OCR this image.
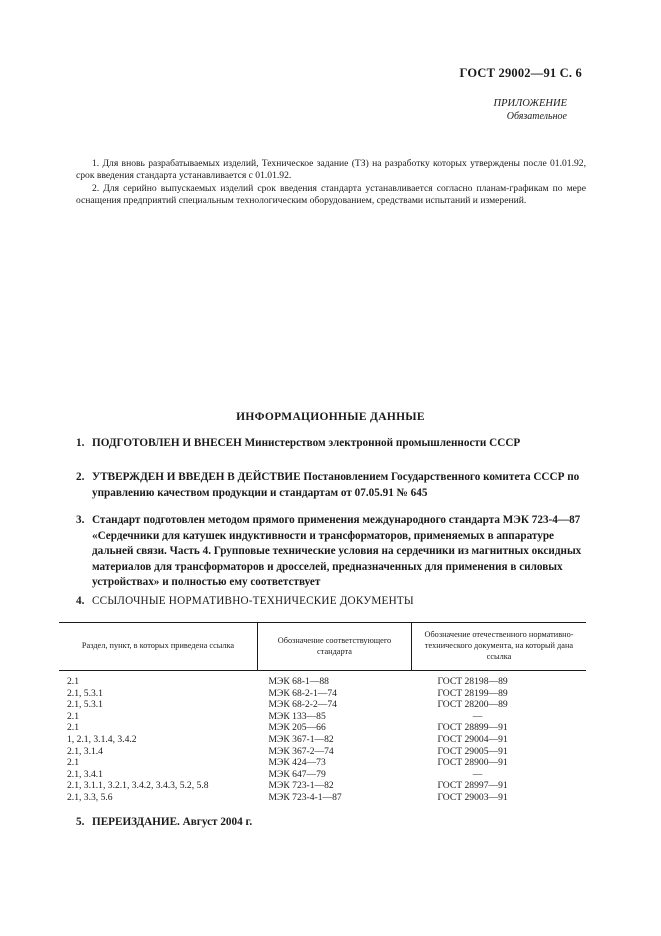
ГОСТ 29002—91 С. 6
ПРИЛОЖЕНИЕ
Обязательное

1. Для вновь разрабатываемых изделий, Техническое задание (ТЗ) на разработку которых утверждены после 01.01.92, срок введения стандарта устанавливается с 01.01.92.

2. Для серийно выпускаемых изделий срок введения стандарта устанавливается согласно планам-графикам по мере оснащения предприятий специальным технологическим оборудованием, средствами испытаний и измерений.

ИНФОРМАЦИОННЫЕ ДАННЫЕ
1. ПОДГОТОВЛЕН И ВНЕСЕН Министерством электронной промышленности СССР
2. УТВЕРЖДЕН И ВВЕДЕН В ДЕЙСТВИЕ Постановлением Государственного комитета СССР по управлению качеством продукции и стандартам от 07.05.91 № 645
3. Стандарт подготовлен методом прямого применения международного стандарта МЭК 723-4—87 «Сердечники для катушек индуктивности и трансформаторов, применяемых в аппаратуре дальней связи. Часть 4. Групповые технические условия на сердечники из магнитных оксидных материалов для трансформаторов и дросселей, предназначенных для применения в силовых устройствах» и полностью ему соответствует
4. ССЫЛОЧНЫЕ НОРМАТИВНО-ТЕХНИЧЕСКИЕ ДОКУМЕНТЫ
Раздел, пункт, в которых приведена ссылка	Обозначение соответствующего стандарта	Обозначение отечественного нормативно-технического документа, на который дана ссылка
2.1	МЭК 68-1—88	ГОСТ 28198—89
2.1, 5.3.1	МЭК 68-2-1—74	ГОСТ 28199—89
2.1, 5.3.1	МЭК 68-2-2—74	ГОСТ 28200—89
2.1	МЭК 133—85	—
2.1	МЭК 205—66	ГОСТ 28899—91
1, 2.1, 3.1.4, 3.4.2	МЭК 367-1—82	ГОСТ 29004—91
2.1, 3.1.4	МЭК 367-2—74	ГОСТ 29005—91
2.1	МЭК 424—73	ГОСТ 28900—91
2.1, 3.4.1	МЭК 647—79	—
2.1, 3.1.1, 3.2.1, 3.4.2, 3.4.3, 5.2, 5.8	МЭК 723-1—82	ГОСТ 28997—91
2.1, 3.3, 5.6	МЭК 723-4-1—87	ГОСТ 29003—91
5. ПЕРЕИЗДАНИЕ. Август 2004 г.
